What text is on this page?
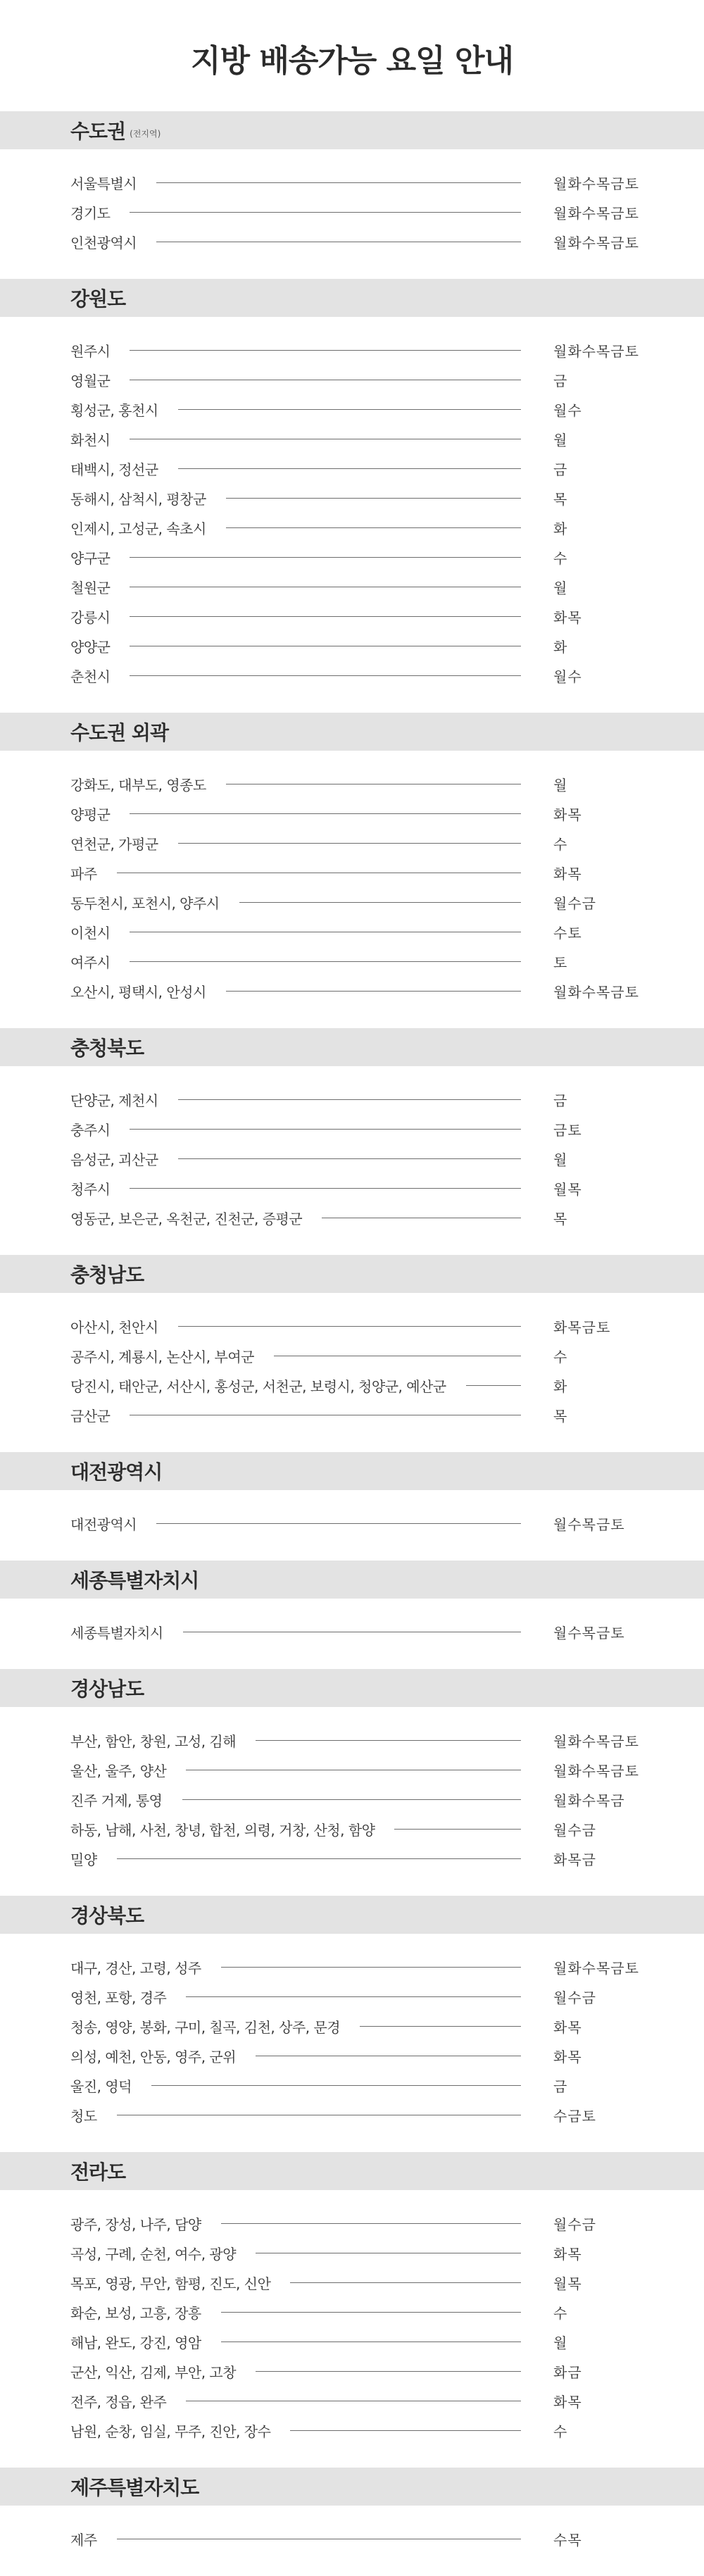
지방 배송가능 요일 안내
수도권 (전지역)
서울특별시	월화수목금토
경기도	월화수목금토
인천광역시	월화수목금토
강원도
원주시	월화수목금토
영월군	금
횡성군, 홍천시	월수
화천시	월
태백시, 정선군	금
동해시, 삼척시, 평창군	목
인제시, 고성군, 속초시	화
양구군	수
철원군	월
강릉시	화목
양양군	화
춘천시	월수
수도권 외곽
강화도, 대부도, 영종도	월
양평군	화목
연천군, 가평군	수
파주	화목
동두천시, 포천시, 양주시	월수금
이천시	수토
여주시	토
오산시, 평택시, 안성시	월화수목금토
충청북도
단양군, 제천시	금
충주시	금토
음성군, 괴산군	월
청주시	월목
영동군, 보은군, 옥천군, 진천군, 증평군	목
충청남도
아산시, 천안시	화목금토
공주시, 계룡시, 논산시, 부여군	수
당진시, 태안군, 서산시, 홍성군, 서천군, 보령시, 청양군, 예산군	화
금산군	목
대전광역시
대전광역시	월수목금토
세종특별자치시
세종특별자치시	월수목금토
경상남도
부산, 함안, 창원, 고성, 김해	월화수목금토
울산, 울주, 양산	월화수목금토
진주 거제, 통영	월화수목금
하동, 남해, 사천, 창녕, 합천, 의령, 거창, 산청, 함양	월수금
밀양	화목금
경상북도
대구, 경산, 고령, 성주	월화수목금토
영천, 포항, 경주	월수금
청송, 영양, 봉화, 구미, 칠곡, 김천, 상주, 문경	화목
의성, 예천, 안동, 영주, 군위	화목
울진, 영덕	금
청도	수금토
전라도
광주, 장성, 나주, 담양	월수금
곡성, 구례, 순천, 여수, 광양	화목
목포, 영광, 무안, 함평, 진도, 신안	월목
화순, 보성, 고흥, 장흥	수
해남, 완도, 강진, 영암	월
군산, 익산, 김제, 부안, 고창	화금
전주, 정읍, 완주	화목
남원, 순창, 임실, 무주, 진안, 장수	수
제주특별자치도
제주	수목
